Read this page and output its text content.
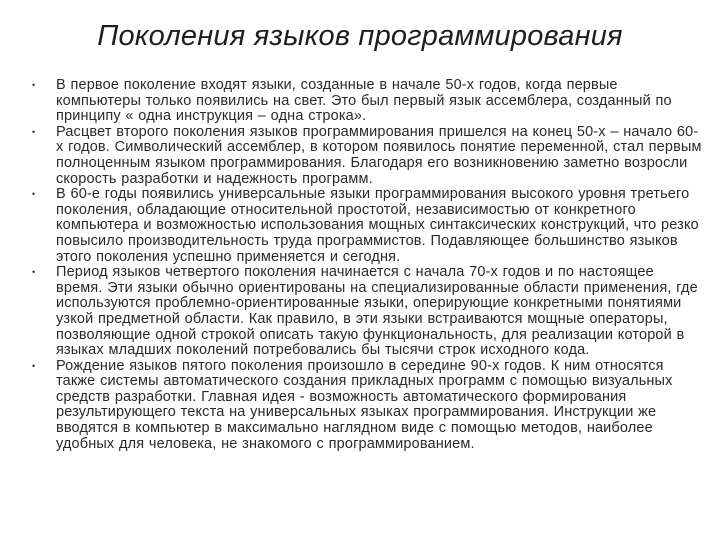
Поколения языков программирования
•	В первое поколение входят языки, созданные в начале 50-х годов, когда первые компьютеры только появились на свет. Это был первый язык ассемблера, созданный по принципу « одна инструкция – одна строка».
•	Расцвет второго поколения языков программирования пришелся на конец 50-х – начало 60-х годов. Символический ассемблер, в котором появилось понятие переменной, стал первым полноценным языком программирования. Благодаря его возникновению заметно возросли скорость разработки и надежность программ.
•	В 60-е годы появились универсальные языки программирования высокого уровня третьего поколения, обладающие относительной простотой, независимостью от конкретного компьютера и возможностью использования мощных синтаксических конструкций, что резко повысило производительность труда программистов. Подавляющее большинство языков этого поколения успешно применяется и сегодня.
•	Период языков четвертого поколения начинается с начала 70-х годов и по настоящее время. Эти языки обычно ориентированы на специализированные области применения, где используются проблемно-ориентированные языки, оперирующие конкретными понятиями узкой предметной области. Как правило, в эти языки встраиваются мощные операторы, позволяющие одной строкой описать такую функциональность, для реализации которой в языках младших поколений потребовались бы тысячи строк исходного кода.
•	Рождение языков пятого поколения произошло в середине 90-х годов. К ним относятся также системы автоматического создания прикладных программ с помощью визуальных средств разработки. Главная идея - возможность автоматического формирования результирующего текста на универсальных языках программирования. Инструкции же вводятся в компьютер в максимально наглядном виде с помощью методов, наиболее удобных для человека, не знакомого с программированием.
